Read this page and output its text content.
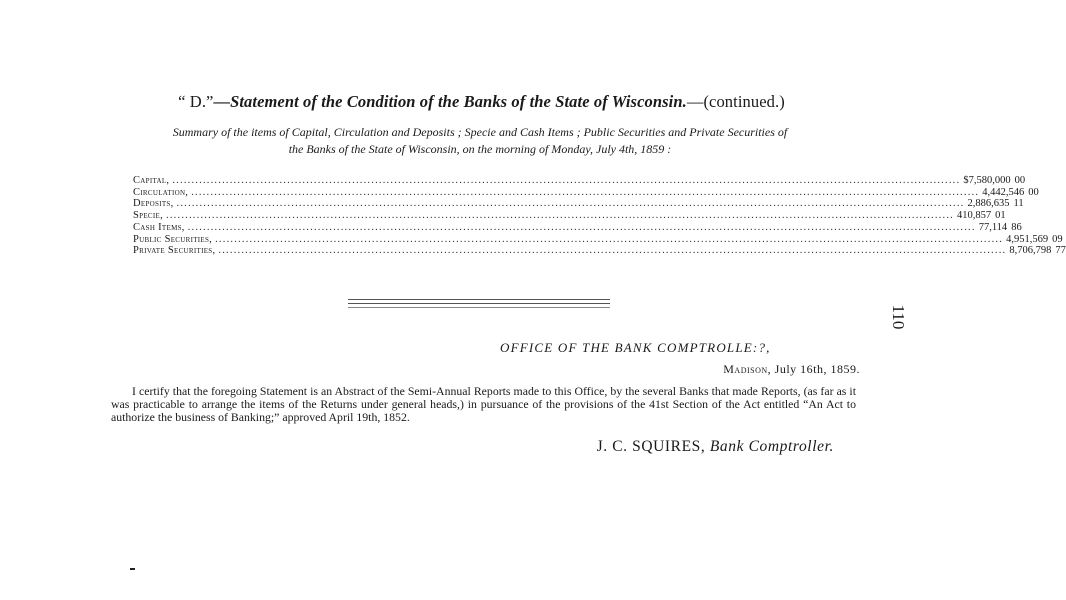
“ D.”—Statement of the Condition of the Banks of the State of Wisconsin.—(continued.)
Summary of the items of Capital, Circulation and Deposits ; Specie and Cash Items ; Public Securities and Private Securities of
the Banks of the State of Wisconsin, on the morning of Monday, July 4th, 1859 :
Capital, .............................................................................................................................................................................................................. $7,580,000 00
Circulation, .............................................................................................................................................................................................................. 4,442,546 00
Deposits, .............................................................................................................................................................................................................. 2,886,635 11
Specie, .............................................................................................................................................................................................................. 410,857 01
Cash Items, .............................................................................................................................................................................................................. 77,114 86
Public Securities, .............................................................................................................................................................................................................. 4,951,569 09
Private Securities, .............................................................................................................................................................................................................. 8,706,798 77
110
OFFICE OF THE BANK COMPTROLLE:?,
Madison, July 16th, 1859.
I certify that the foregoing Statement is an Abstract of the Semi-Annual Reports made to this Office, by the several Banks that made Reports, (as far as it was practicable to arrange the items of the Returns under general heads,) in pursuance of the provisions of the 41st Section of the Act entitled “An Act to authorize the business of Banking;” approved April 19th, 1852.
J. C. SQUIRES, Bank Comptroller.
